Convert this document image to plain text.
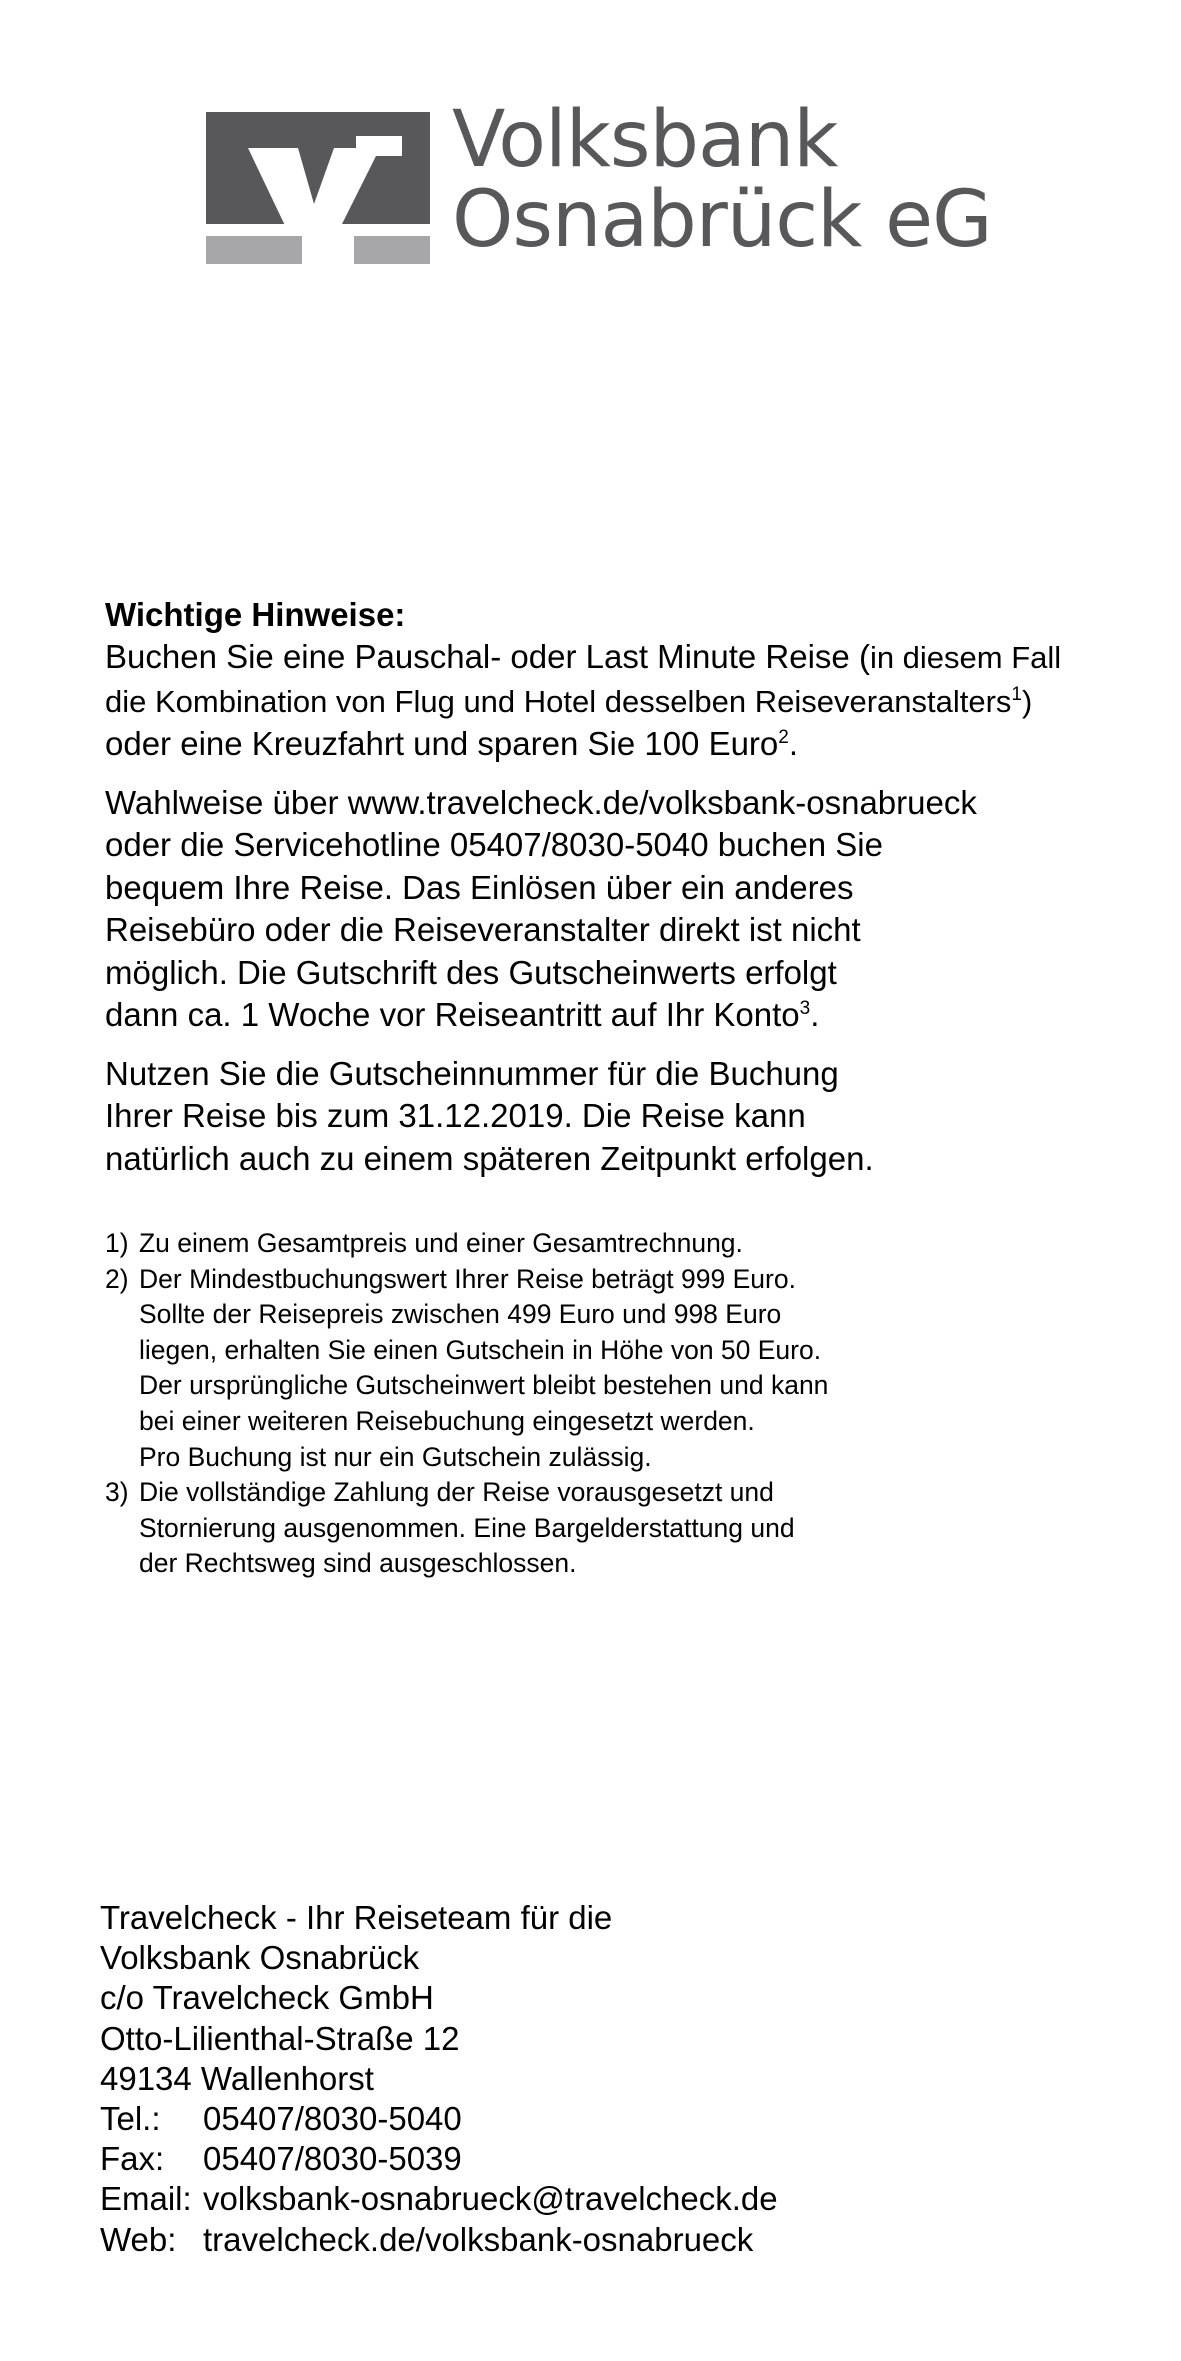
Volksbank
Osnabrück eG

Wichtige Hinweise:

Buchen Sie eine Pauschal- oder Last Minute Reise (in diesem Fall
die Kombination von Flug und Hotel desselben Reiseveranstalters$^1$)
oder eine Kreuzfahrt und sparen Sie 100 Euro$^2$.

Wahlweise über www.travelcheck.de/volksbank-osnabrueck
oder die Servicehotline 05407/8030-5040 buchen Sie
bequem Ihre Reise. Das Einlösen über ein anderes
Reisebüro oder die Reiseveranstalter direkt ist nicht
möglich. Die Gutschrift des Gutscheinwerts erfolgt
dann ca. 1 Woche vor Reiseantritt auf Ihr Konto$^3$.

Nutzen Sie die Gutscheinnummer für die Buchung
Ihrer Reise bis zum 31.12.2019. Die Reise kann
natürlich auch zu einem späteren Zeitpunkt erfolgen.

1) Zu einem Gesamtpreis und einer Gesamtrechnung.
2) Der Mindestbuchungswert Ihrer Reise beträgt 999 Euro.
Sollte der Reisepreis zwischen 499 Euro und 998 Euro
liegen, erhalten Sie einen Gutschein in Höhe von 50 Euro.
Der ursprüngliche Gutscheinwert bleibt bestehen und kann
bei einer weiteren Reisebuchung eingesetzt werden.
Pro Buchung ist nur ein Gutschein zulässig.
3) Die vollständige Zahlung der Reise vorausgesetzt und
Stornierung ausgenommen. Eine Bargelderstattung und
der Rechtsweg sind ausgeschlossen.
Travelcheck - Ihr Reiseteam für die
Volksbank Osnabrück
c/o Travelcheck GmbH
Otto-Lilienthal-Straße 12
49134 Wallenhorst
Tel.:	05407/8030-5040
Fax:	05407/8030-5039
Email: volksbank-osnabrueck@travelcheck.de
Web: travelcheck.de/volksbank-osnabrueck
